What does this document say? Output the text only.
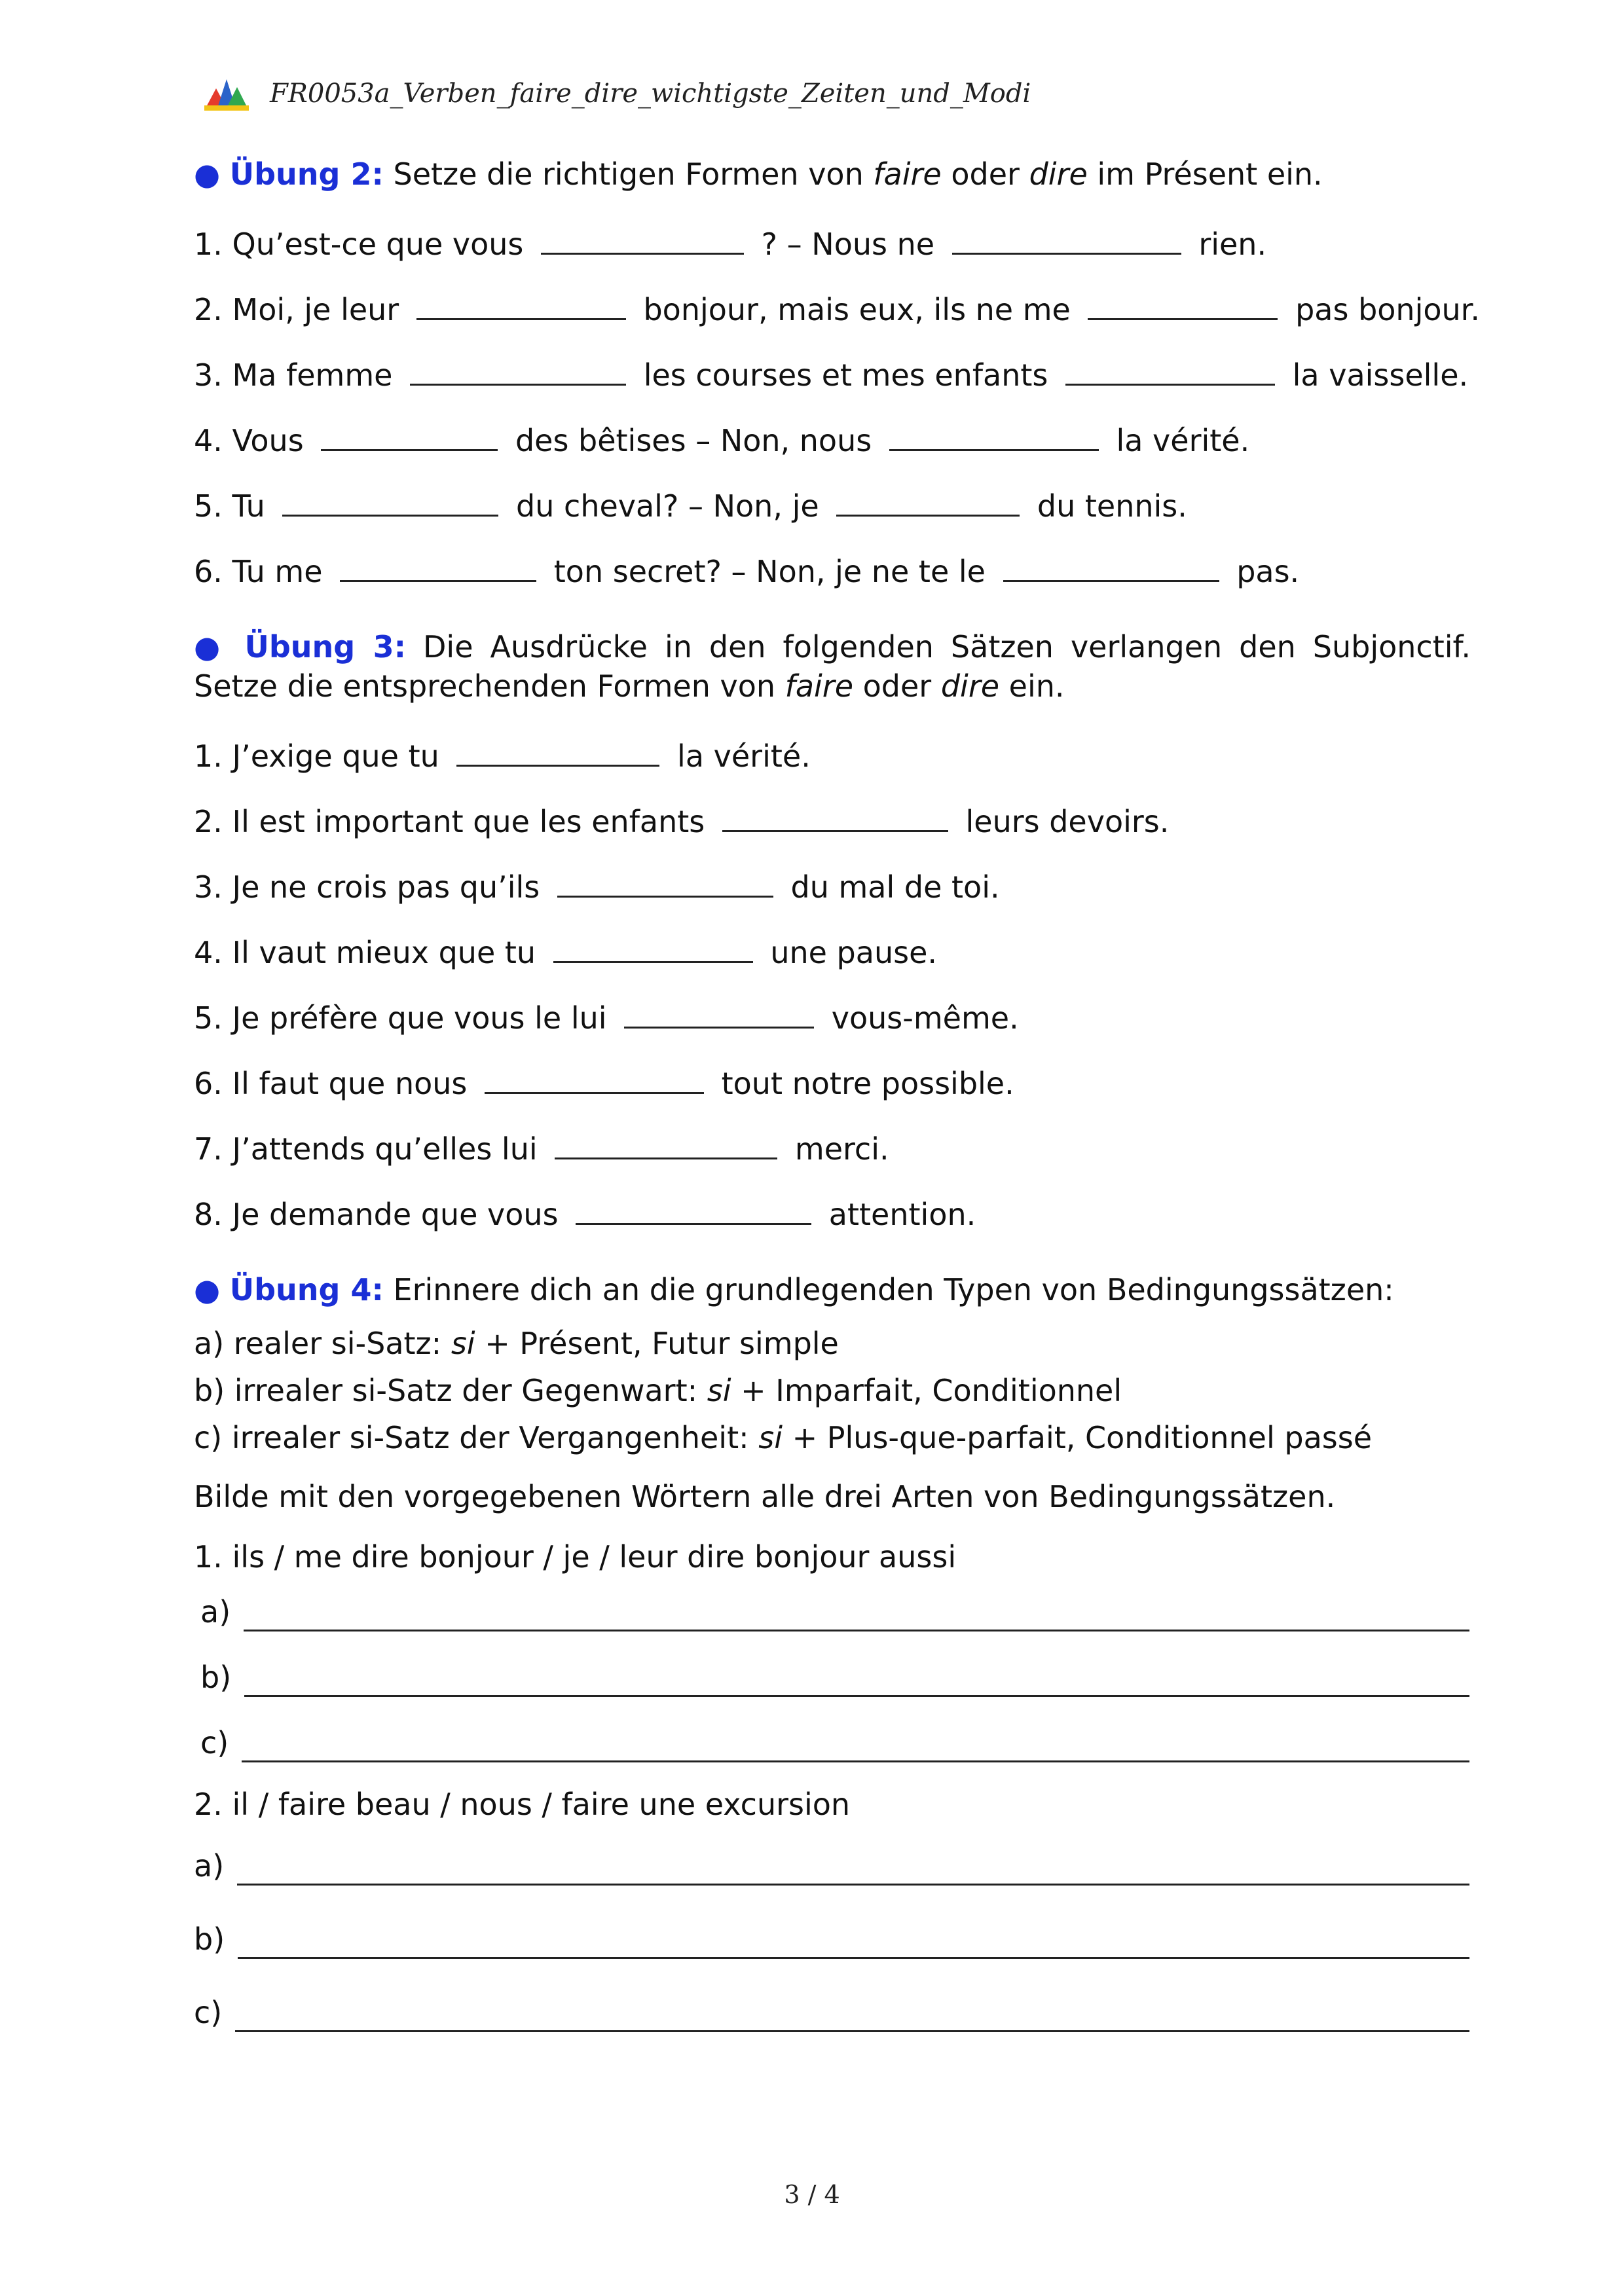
FR0053a_Verben_faire_dire_wichtigste_Zeiten_und_Modi
● Übung 2: Setze die richtigen Formen von faire oder dire im Présent ein.
1. Qu’est-ce que vous	? – Nous ne	rien.
2. Moi, je leur	bonjour, mais eux, ils ne me	pas bonjour.
3. Ma femme	les courses et mes enfants	la vaisselle.
4. Vous	des bêtises – Non, nous	la vérité.
5. Tu	du cheval? – Non, je	du tennis.
6. Tu me	ton secret? – Non, je ne te le	pas.
● Übung 3: Die Ausdrücke in den folgenden Sätzen verlangen den Subjonctif. Setze die entsprechenden Formen von faire oder dire ein.
1. J’exige que tu	la vérité.
2. Il est important que les enfants	leurs devoirs.
3. Je ne crois pas qu’ils	du mal de toi.
4. Il vaut mieux que tu	une pause.
5. Je préfère que vous le lui	vous-même.
6. Il faut que nous	tout notre possible.
7. J’attends qu’elles lui	merci.
8. Je demande que vous	attention.
● Übung 4: Erinnere dich an die grundlegenden Typen von Bedingungssätzen:
a) realer si-Satz: si + Présent, Futur simple
b) irrealer si-Satz der Gegenwart: si + Imparfait, Conditionnel
c) irrealer si-Satz der Vergangenheit: si + Plus-que-parfait, Conditionnel passé
Bilde mit den vorgegebenen Wörtern alle drei Arten von Bedingungssätzen.
1. ils / me dire bonjour / je / leur dire bonjour aussi
a)
b)
c)
2. il / faire beau / nous / faire une excursion
a)
b)
c)
3 / 4
